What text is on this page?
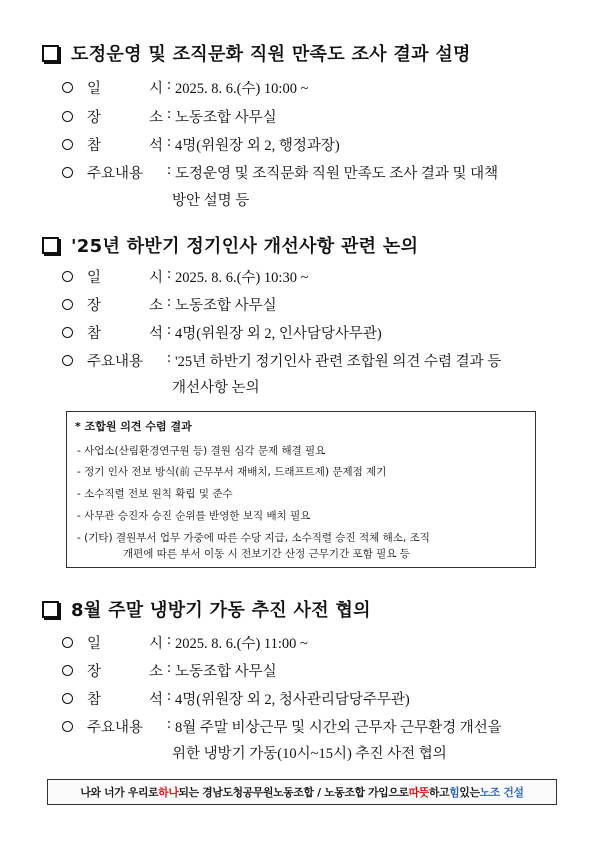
도정운영 및 조직문화 직원 만족도 조사 결과 설명
일	시 : 2025. 8. 6.(수) 10:00 ~
장	소 : 노동조합 사무실
참	석 : 4명(위원장 외 2, 행정과장)
주요내용	: 도정운영 및 조직문화 직원 만족도 조사 결과 및 대책
방안 설명 등
'25년 하반기 정기인사 개선사항 관련 논의
일	시 : 2025. 8. 6.(수) 10:30 ~
장	소 : 노동조합 사무실
참	석 : 4명(위원장 외 2, 인사담당사무관)
주요내용	: '25년 하반기 정기인사 관련 조합원 의견 수렴 결과 등
개선사항 논의
* 조합원 의견 수렴 결과
- 사업소(산림환경연구원 등) 결원 심각 문제 해결 필요
- 정기 인사 전보 방식(前 근무부서 재배치, 드래프트제) 문제점 제기
- 소수직렬 전보 원칙 확립 및 준수
- 사무관 승진자 승진 순위를 반영한 보직 배치 필요
- (기타) 결원부서 업무 가중에 따른 수당 지급, 소수직렬 승진 적체 해소, 조직
개편에 따른 부서 이동 시 전보기간 산정 근무기간 포함 필요 등
8월 주말 냉방기 가동 추진 사전 협의
일	시 : 2025. 8. 6.(수) 11:00 ~
장	소 : 노동조합 사무실
참	석 : 4명(위원장 외 2, 청사관리담당주무관)
주요내용	: 8월 주말 비상근무 및 시간외 근무자 근무환경 개선을
위한 냉방기 가동(10시~15시) 추진 사전 협의
나와 너가 우리로 하나 되는 경남도청공무원노동조합 / 노동조합 가입으로 따뜻 하고 힘 있는 노조 건설
